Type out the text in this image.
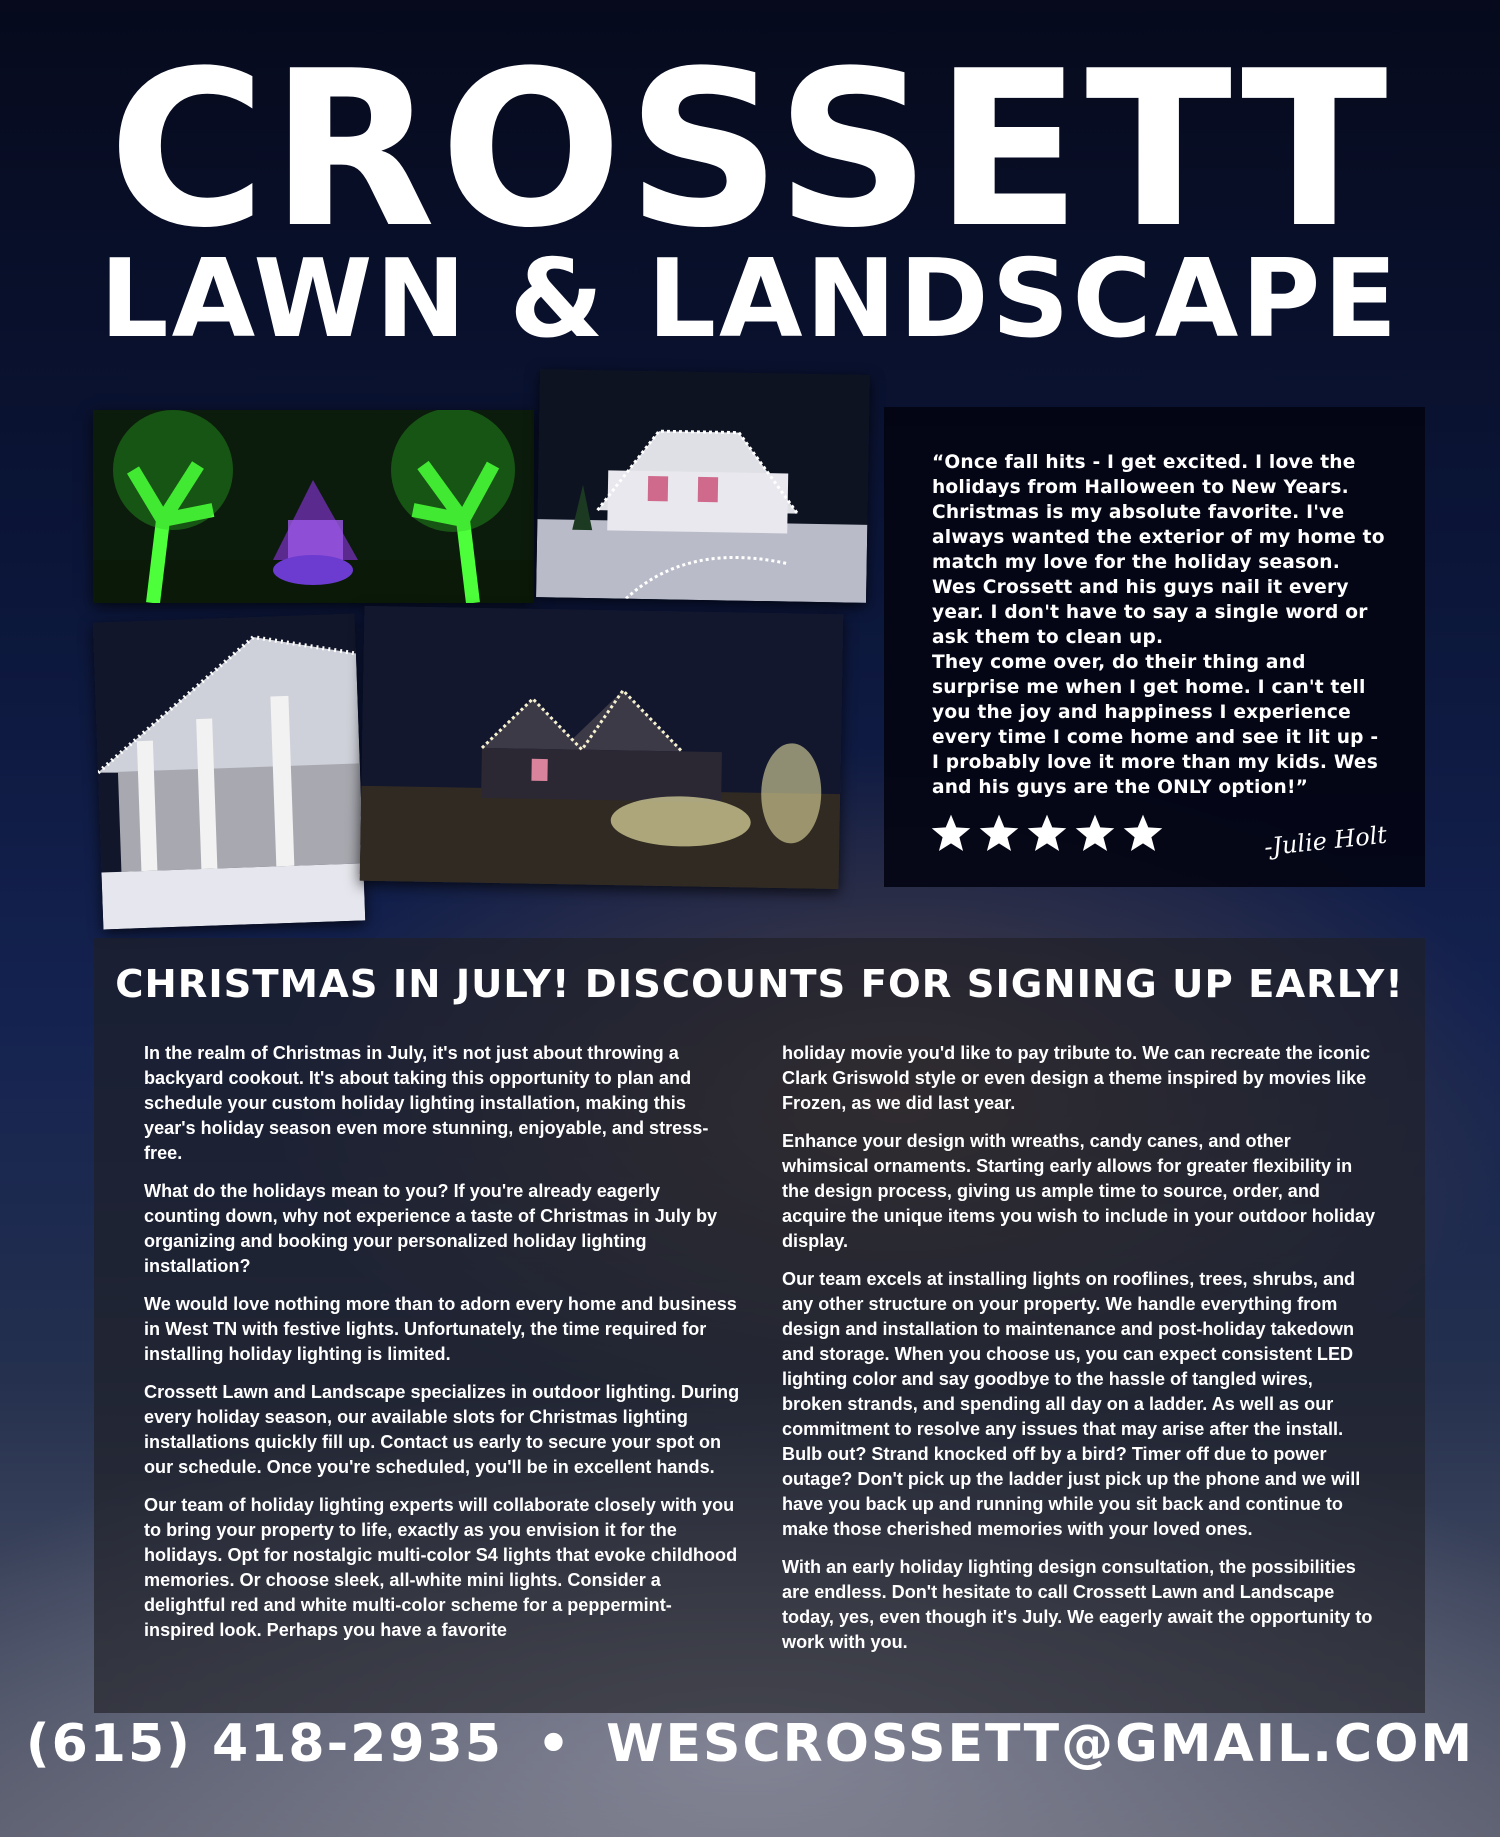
CROSSETT
LAWN & LANDSCAPE
“Once fall hits - I get excited. I love the
holidays from Halloween to New Years.
Christmas is my absolute favorite. I've
always wanted the exterior of my home to
match my love for the holiday season.
Wes Crossett and his guys nail it every
year. I don't have to say a single word or
ask them to clean up.
They come over, do their thing and
surprise me when I get home. I can't tell
you the joy and happiness I experience
every time I come home and see it lit up -
I probably love it more than my kids. Wes
and his guys are the ONLY option!”
-Julie Holt
CHRISTMAS IN JULY! DISCOUNTS FOR SIGNING UP EARLY!

In the realm of Christmas in July, it's not just about throwing a backyard cookout. It's about taking this opportunity to plan and schedule your custom holiday lighting installation, making this year's holiday season even more stunning, enjoyable, and stress-free.

What do the holidays mean to you? If you're already eagerly counting down, why not experience a taste of Christmas in July by organizing and booking your personalized holiday lighting installation?

We would love nothing more than to adorn every home and business in West TN with festive lights. Unfortunately, the time required for installing holiday lighting is limited.

Crossett Lawn and Landscape specializes in outdoor lighting. During every holiday season, our available slots for Christmas lighting installations quickly fill up. Contact us early to secure your spot on our schedule. Once you're scheduled, you'll be in excellent hands.

Our team of holiday lighting experts will collaborate closely with you to bring your property to life, exactly as you envision it for the holidays. Opt for nostalgic multi-color S4 lights that evoke childhood memories. Or choose sleek, all-white mini lights. Consider a delightful red and white multi-color scheme for a peppermint-inspired look. Perhaps you have a favorite

holiday movie you'd like to pay tribute to. We can recreate the iconic Clark Griswold style or even design a theme inspired by movies like Frozen, as we did last year.

Enhance your design with wreaths, candy canes, and other whimsical ornaments. Starting early allows for greater flexibility in the design process, giving us ample time to source, order, and acquire the unique items you wish to include in your outdoor holiday display.

Our team excels at installing lights on rooflines, trees, shrubs, and any other structure on your property. We handle everything from design and installation to maintenance and post-holiday takedown and storage. When you choose us, you can expect consistent LED lighting color and say goodbye to the hassle of tangled wires, broken strands, and spending all day on a ladder. As well as our commitment to resolve any issues that may arise after the install. Bulb out? Strand knocked off by a bird? Timer off due to power outage? Don't pick up the ladder just pick up the phone and we will have you back up and running while you sit back and continue to make those cherished memories with your loved ones.

With an early holiday lighting design consultation, the possibilities are endless. Don't hesitate to call Crossett Lawn and Landscape today, yes, even though it's July. We eagerly await the opportunity to work with you.

(615) 418-2935 • WESCROSSETT@GMAIL.COM
